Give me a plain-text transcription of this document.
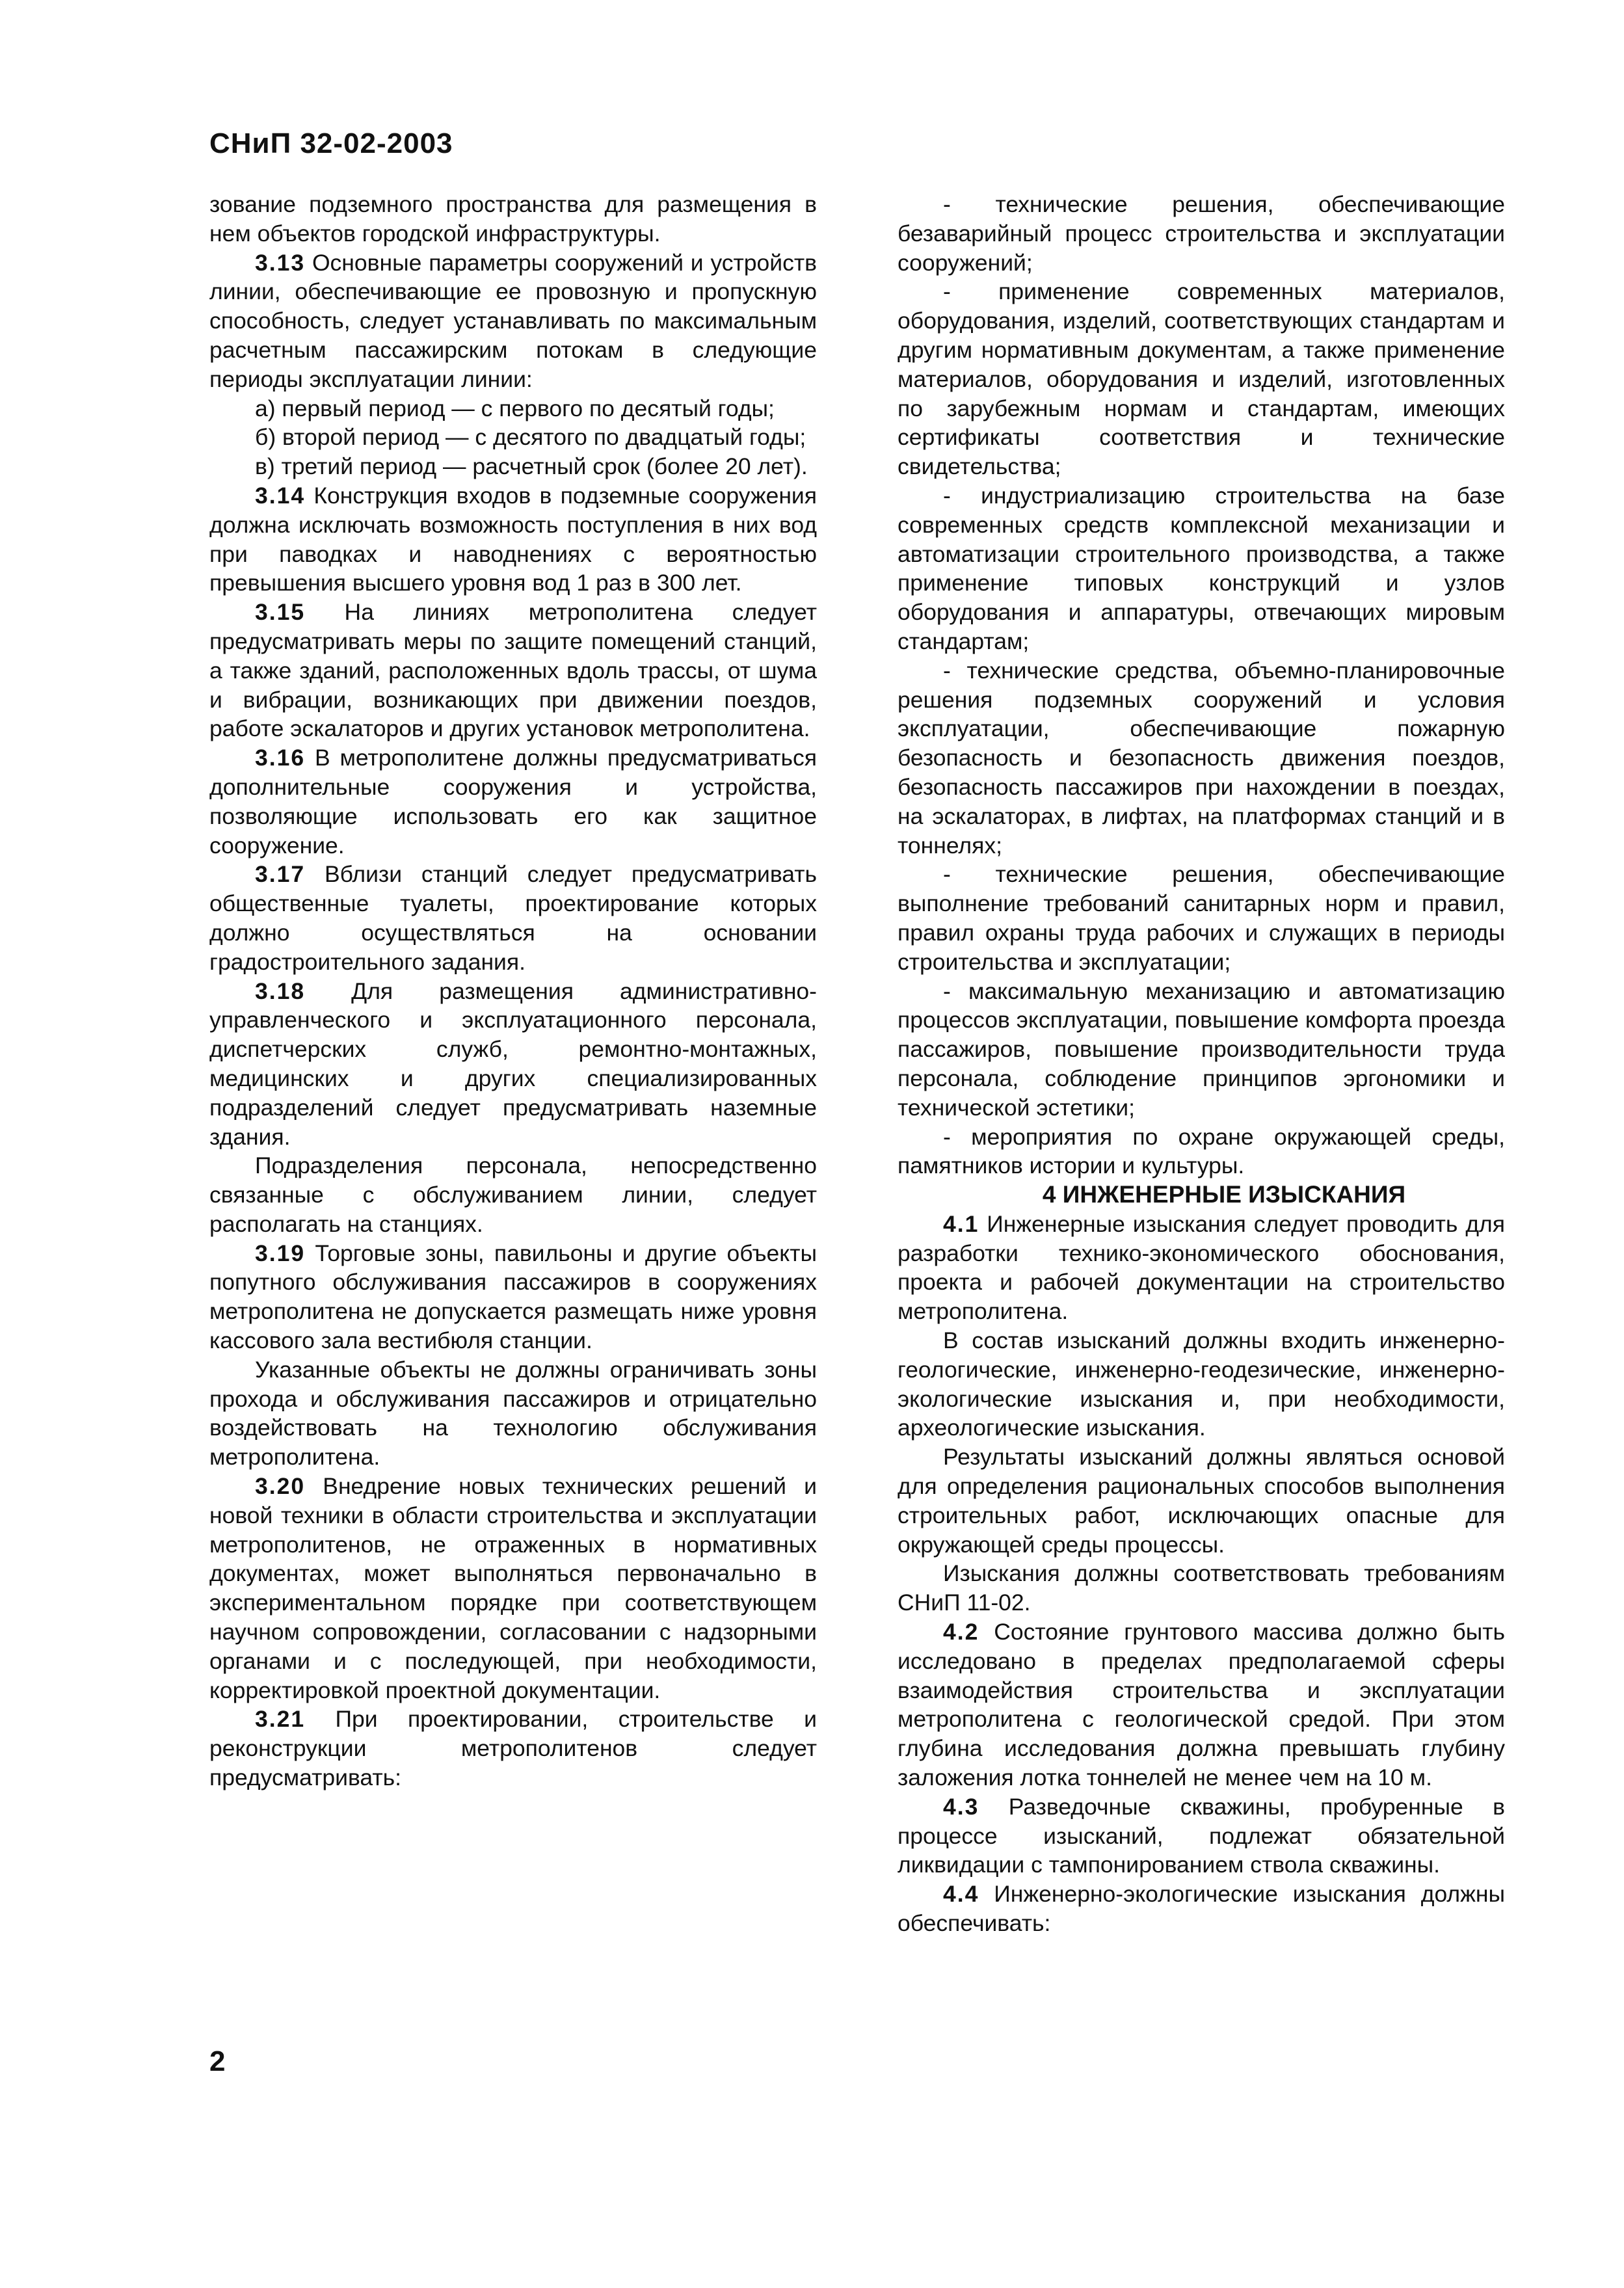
СНиП 32-02-2003

зование подземного пространства для размещения в нем объектов городской инфраструктуры.

3.13 Основные параметры сооружений и устройств линии, обеспечивающие ее провозную и пропускную способность, следует устанавливать по максимальным расчетным пассажирским потокам в следующие периоды эксплуатации линии:

а) первый период — с первого по десятый годы;

б) второй период — с десятого по двадцатый годы;

в) третий период — расчетный срок (более 20 лет).

3.14 Конструкция входов в подземные сооружения должна исключать возможность поступления в них вод при паводках и наводнениях с вероятностью превышения высшего уровня вод 1 раз в 300 лет.

3.15 На линиях метрополитена следует предусматривать меры по защите помещений станций, а также зданий, расположенных вдоль трассы, от шума и вибрации, возникающих при движении поездов, работе эскалаторов и других установок метрополитена.

3.16 В метрополитене должны предусматриваться дополнительные сооружения и устройства, позволяющие использовать его как защитное сооружение.

3.17 Вблизи станций следует предусматривать общественные туалеты, проектирование которых должно осуществляться на основании градостроительного задания.

3.18 Для размещения административно-управленческого и эксплуатационного персонала, диспетчерских служб, ремонтно-монтажных, медицинских и других специализированных подразделений следует предусматривать наземные здания.

Подразделения персонала, непосредственно связанные с обслуживанием линии, следует располагать на станциях.

3.19 Торговые зоны, павильоны и другие объекты попутного обслуживания пассажиров в сооружениях метрополитена не допускается размещать ниже уровня кассового зала вестибюля станции.

Указанные объекты не должны ограничивать зоны прохода и обслуживания пассажиров и отрицательно воздействовать на технологию обслуживания метрополитена.

3.20 Внедрение новых технических решений и новой техники в области строительства и эксплуатации метрополитенов, не отраженных в нормативных документах, может выполняться первоначально в экспериментальном порядке при соответствующем научном сопровождении, согласовании с надзорными органами и с последующей, при необходимости, корректировкой проектной документации.

3.21 При проектировании, строительстве и реконструкции метрополитенов следует предусматривать:

- технические решения, обеспечивающие безаварийный процесс строительства и эксплуатации сооружений;

- применение современных материалов, оборудования, изделий, соответствующих стандартам и другим нормативным документам, а также применение материалов, оборудования и изделий, изготовленных по зарубежным нормам и стандартам, имеющих сертификаты соответствия и технические свидетельства;

- индустриализацию строительства на базе современных средств комплексной механизации и автоматизации строительного производства, а также применение типовых конструкций и узлов оборудования и аппаратуры, отвечающих мировым стандартам;

- технические средства, объемно-планировочные решения подземных сооружений и условия эксплуатации, обеспечивающие пожарную безопасность и безопасность движения поездов, безопасность пассажиров при нахождении в поездах, на эскалаторах, в лифтах, на платформах станций и в тоннелях;

- технические решения, обеспечивающие выполнение требований санитарных норм и правил, правил охраны труда рабочих и служащих в периоды строительства и эксплуатации;

- максимальную механизацию и автоматизацию процессов эксплуатации, повышение комфорта проезда пассажиров, повышение производительности труда персонала, соблюдение принципов эргономики и технической эстетики;

- мероприятия по охране окружающей среды, памятников истории и культуры.

4 ИНЖЕНЕРНЫЕ ИЗЫСКАНИЯ

4.1 Инженерные изыскания следует проводить для разработки технико-экономического обоснования, проекта и рабочей документации на строительство метрополитена.

В состав изысканий должны входить инженерно-геологические, инженерно-геодезические, инженерно-экологические изыскания и, при необходимости, археологические изыскания.

Результаты изысканий должны являться основой для определения рациональных способов выполнения строительных работ, исключающих опасные для окружающей среды процессы.

Изыскания должны соответствовать требованиям СНиП 11-02.

4.2 Состояние грунтового массива должно быть исследовано в пределах предполагаемой сферы взаимодействия строительства и эксплуатации метрополитена с геологической средой. При этом глубина исследования должна превышать глубину заложения лотка тоннелей не менее чем на 10 м.

4.3 Разведочные скважины, пробуренные в процессе изысканий, подлежат обязательной ликвидации с тампонированием ствола скважины.

4.4 Инженерно-экологические изыскания должны обеспечивать:

2
